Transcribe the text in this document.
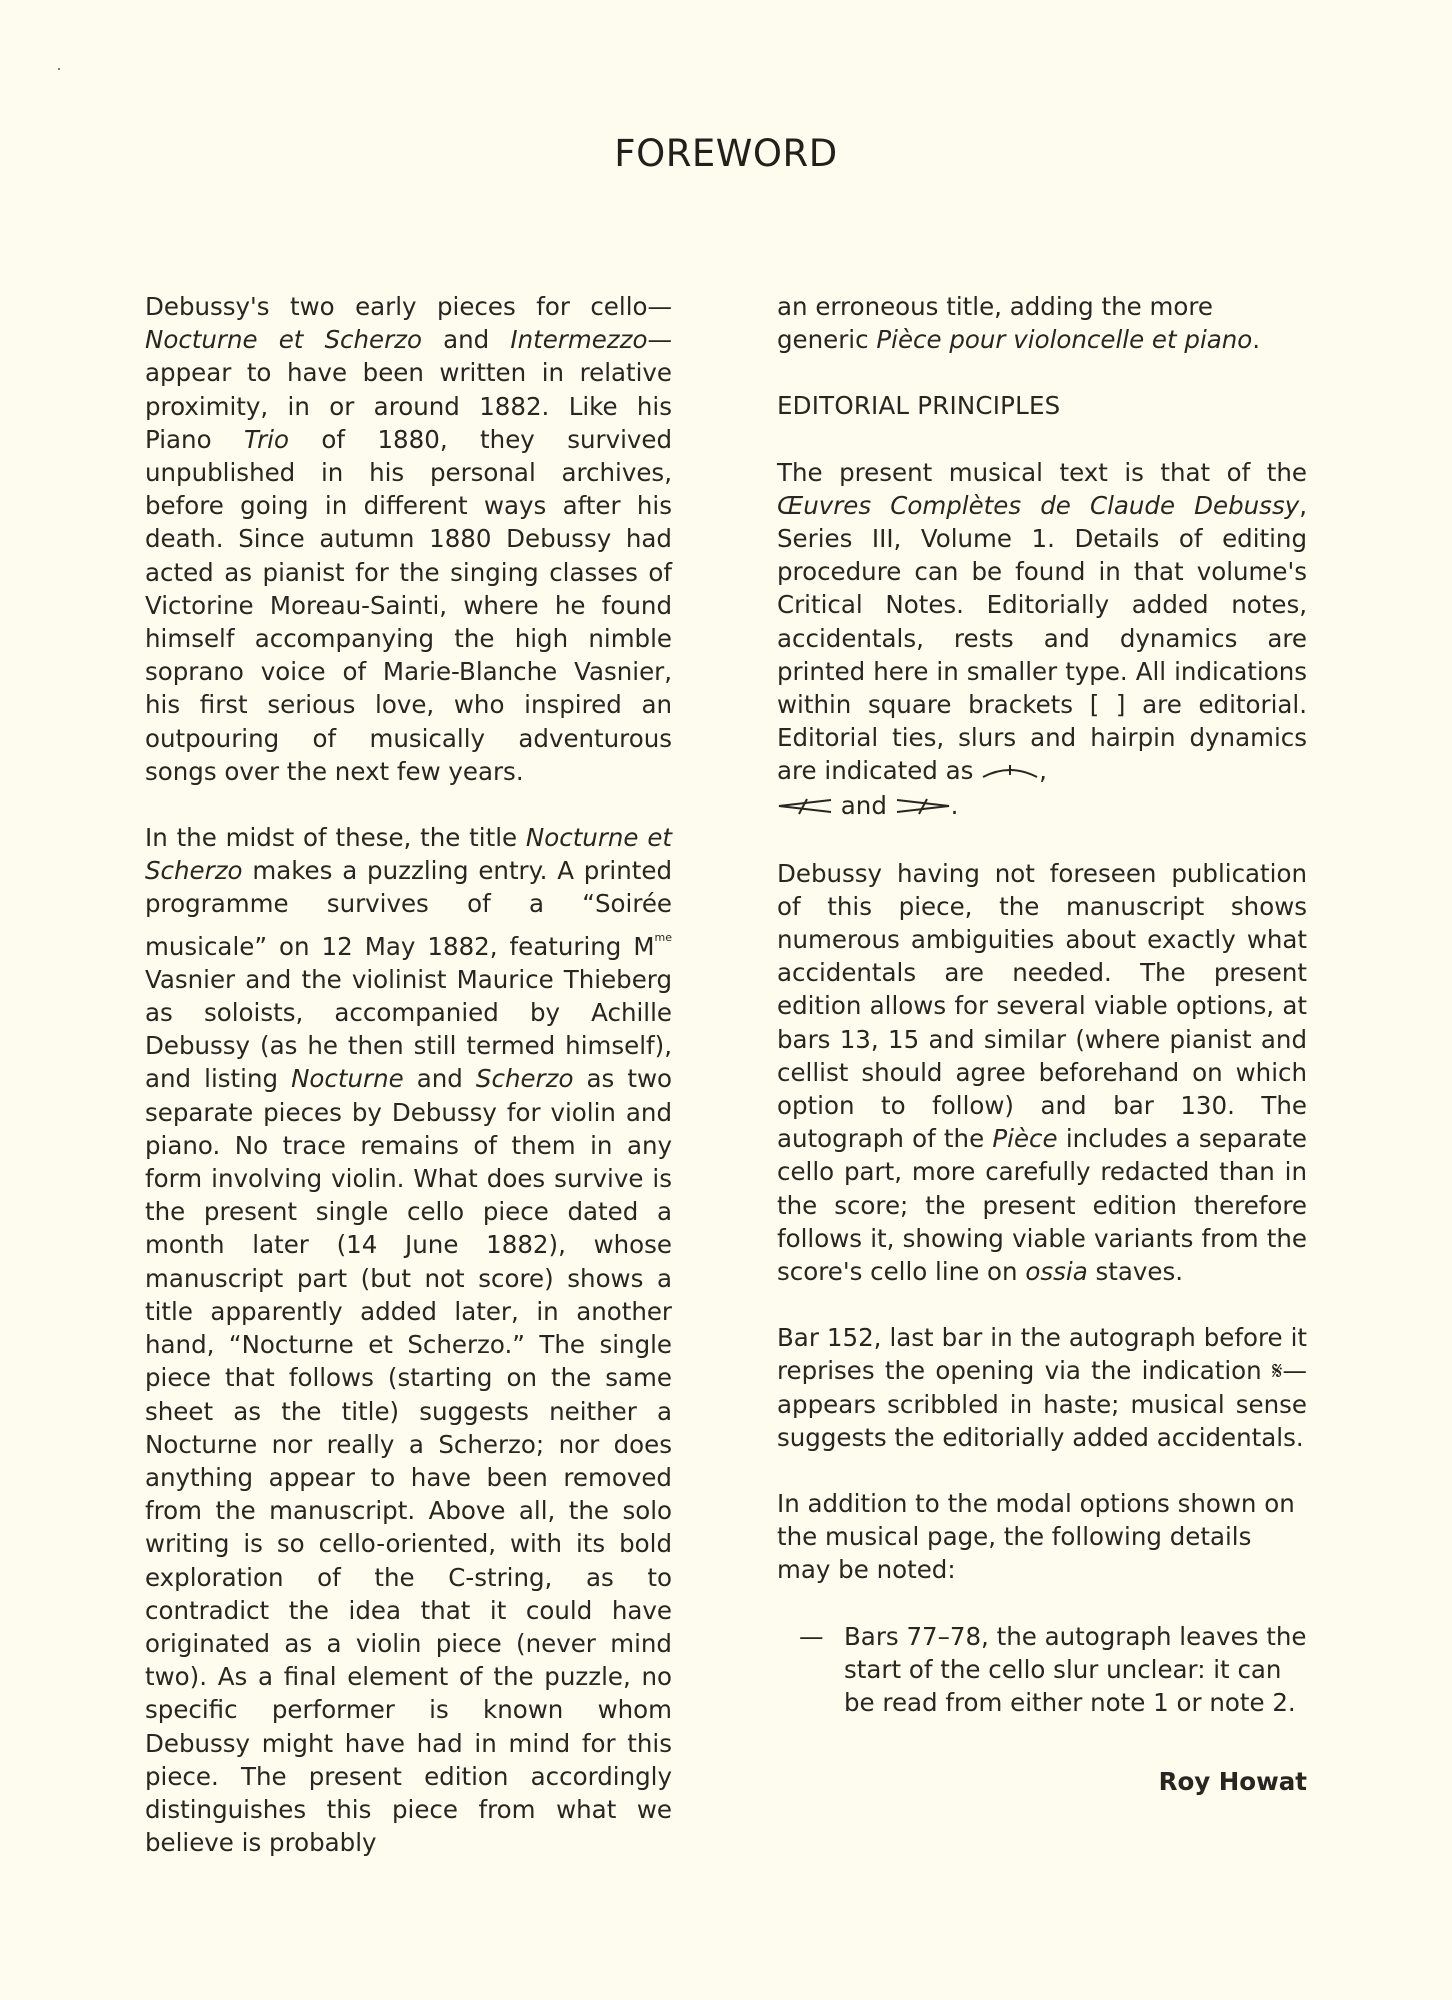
FOREWORD

Debussy's two early pieces for cello—Nocturne et Scherzo and Intermezzo— appear to have been written in relative proximity, in or around 1882. Like his Piano Trio of 1880, they survived unpublished in his personal archives, before going in different ways after his death. Since autumn 1880 Debussy had acted as pianist for the singing classes of Victorine Moreau-Sainti, where he found himself accompanying the high nimble soprano voice of Marie-Blanche Vasnier, his first serious love, who inspired an outpouring of musically adventurous songs over the next few years.

In the midst of these, the title Nocturne et Scherzo makes a puzzling entry. A printed programme survives of a “Soirée musicale” on 12 May 1882, featuring $M^{me}$ Vasnier and the violinist Maurice Thieberg as soloists, accompanied by Achille Debussy (as he then still termed himself), and listing Nocturne and Scherzo as two separate pieces by Debussy for violin and piano. No trace remains of them in any form involving violin. What does survive is the present single cello piece dated a month later (14 June 1882), whose manuscript part (but not score) shows a title apparently added later, in another hand, “Nocturne et Scherzo.” The single piece that follows (starting on the same sheet as the title) suggests neither a Nocturne nor really a Scherzo; nor does anything appear to have been removed from the manuscript. Above all, the solo writing is so cello-oriented, with its bold exploration of the C-string, as to contradict the idea that it could have originated as a violin piece (never mind two). As a final element of the puzzle, no specific performer is known whom Debussy might have had in mind for this piece. The present edition accordingly distinguishes this piece from what we believe is probably

an erroneous title, adding the more generic Pièce pour violoncelle et piano.

EDITORIAL PRINCIPLES

The present musical text is that of the Œuvres Complètes de Claude Debussy, Series III, Volume 1. Details of editing procedure can be found in that volume's Critical Notes. Editorially added notes, accidentals, rests and dynamics are printed here in smaller type. All indications within square brackets [ ] are editorial. Editorial ties, slurs and hairpin dynamics are indicated as ,
and .

Debussy having not foreseen publication of this piece, the manuscript shows numerous ambiguities about exactly what accidentals are needed. The present edition allows for several viable options, at bars 13, 15 and similar (where pianist and cellist should agree beforehand on which option to follow) and bar 130. The autograph of the Pièce includes a separate cello part, more carefully redacted than in the score; the present edition therefore follows it, showing viable variants from the score's cello line on ossia staves.

Bar 152, last bar in the autograph before it reprises the opening via the indication 𝄋— appears scribbled in haste; musical sense suggests the editorially added accidentals.

In addition to the modal options shown on the musical page, the following details may be noted:

— Bars 77–78, the autograph leaves the start of the cello slur unclear: it can be read from either note 1 or note 2.
Roy Howat
